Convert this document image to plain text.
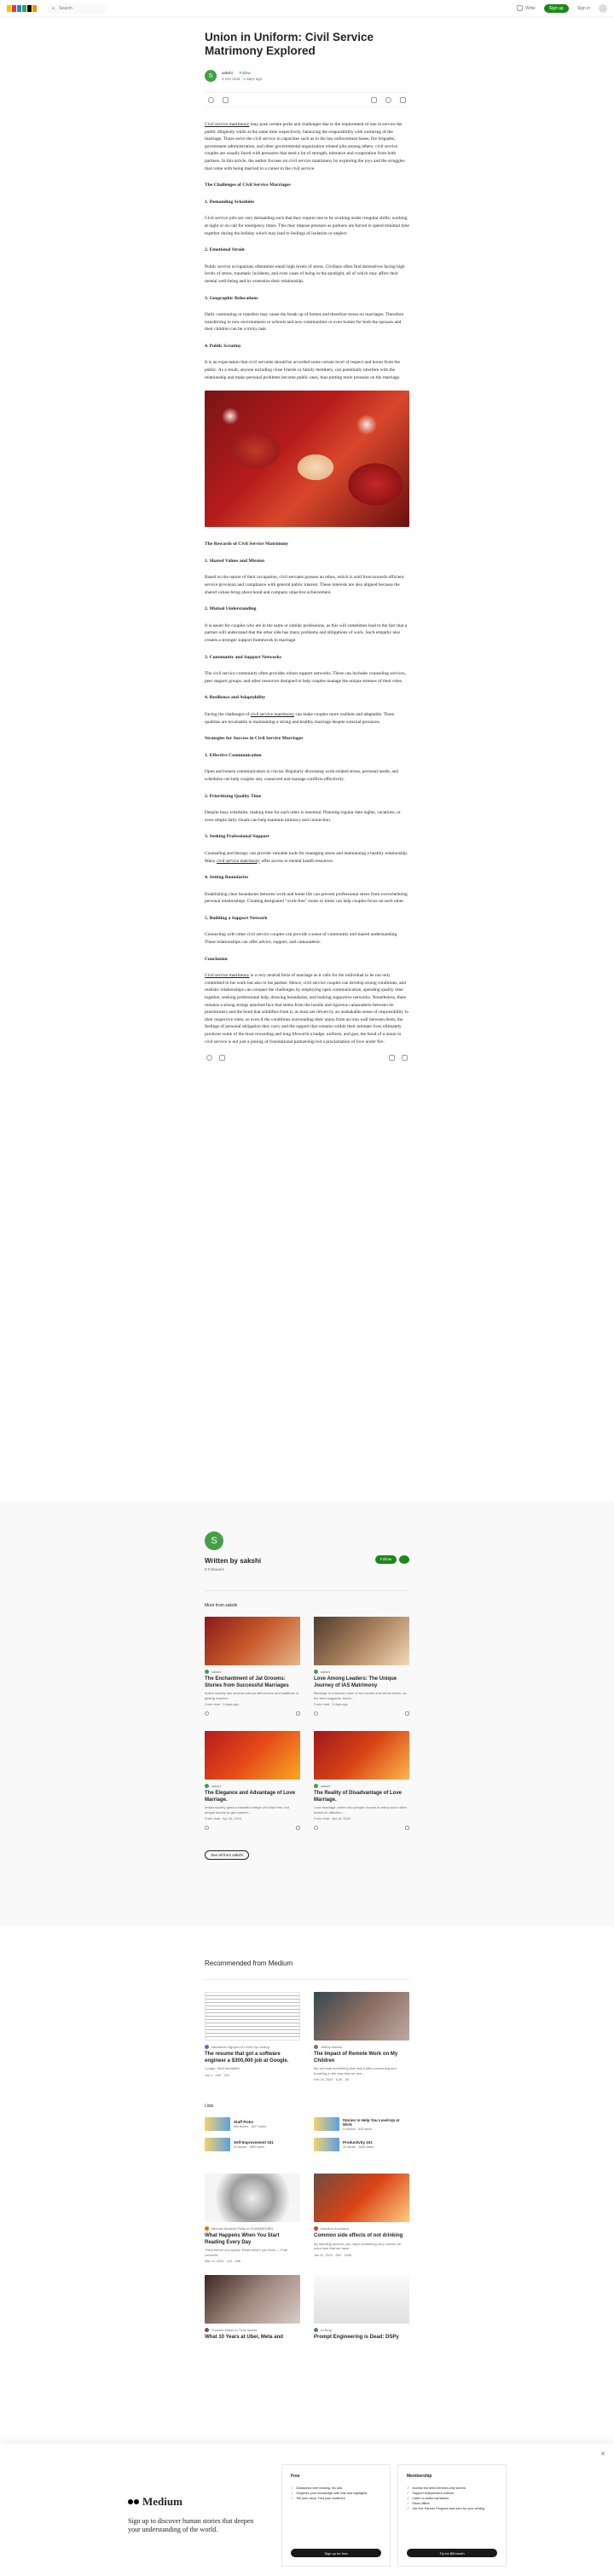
Search
Write	Sign up	Sign in
Union in Uniform: Civil Service Matrimony Explored
S	sakshi · Follow
3 min read · 2 days ago

Civil service matrimony may pose certain perks and challenges due to the requirement of one in service the public diligently while at the same time respectively, balancing the responsibility with nurturing of the marriage. Those serve the civil service in capacities such as in the law enforcement bases, fire brigades, government administration, and other governmental organization related jobs among others; civil service couples are usually faced with pressures that need a lot of strength, tolerance and cooperation from both partners. In this article, the author focuses on civil service matrimony by exploring the joys and the struggles that come with being married to a career in the civil service.

The Challenges of Civil Service Marriages
1. Demanding Schedules

Civil service jobs are very demanding such that they require one to be working under irregular shifts; working at night or on call for emergency times. This may impose pressure as partners are forced to spend minimal time together during the holiday which may lead to feelings of isolation or neglect.

2. Emotional Strain

Public service occupations oftentimes entail high levels of stress. Civilians often find themselves facing high levels of stress, traumatic incidents, and even cases of being in the spotlight, all of which may affect their mental well-being and by extension their relationship.

3. Geographic Relocations

Daily commuting or transfers may cause the break up of homes and therefore stress on marriages. Therefore transferring to new environments or schools and new communities or even homes for both the spouses and their children can be a tricky task.

4. Public Scrutiny

It is an expectation that civil servants should be accorded some certain level of respect and honor from the public. As a result, anyone including close friends or family members, can potentially interfere with the relationship and make personal problems become public ones, thus putting more pressure on the marriage.

The Rewards of Civil Service Matrimony
1. Shared Values and Mission

Based on the nature of their occupation, civil servants possess an ethos, which is sold from towards efficient service provision and compliance with general public interest. These interests are also aligned because the shared values bring about bond and company objective achievement.

2. Mutual Understanding

It is easier for couples who are in the same or similar professions, as this will sometimes lead to the fact that a partner will understand that the other side has many problems and obligations of work. Such empathy also creates a stronger support framework in marriage.

3. Community and Support Networks

The civil service community often provides robust support networks. These can includes counseling services, peer support groups, and other resources designed to help couples manage the unique stresses of their roles.

4. Resilience and Adaptability

Facing the challenges of civil service matrimony can make couples more resilient and adaptable. These qualities are invaluable in maintaining a strong and healthy marriage despite external pressures.

Strategies for Success in Civil Service Marriages
1. Effective Communication

Open and honest communication is crucial. Regularly discussing work-related stress, personal needs, and schedules can help couples stay connected and manage conflicts effectively.

2. Prioritizing Quality Time

Despite busy schedules, making time for each other is essential. Planning regular date nights, vacations, or even simple daily rituals can help maintain intimacy and connection.

3. Seeking Professional Support

Counseling and therapy can provide valuable tools for managing stress and maintaining a healthy relationship. Many civil service matrimony offer access to mental health resources.

4. Setting Boundaries

Establishing clear boundaries between work and home life can prevent professional stress from overwhelming personal relationships. Creating designated "work-free" zones or times can help couples focus on each other.

5. Building a Support Network

Connecting with other civil service couples can provide a sense of community and shared understanding. These relationships can offer advice, support, and camaraderie.

Conclusion

Civil service matrimony is a very neutral form of marriage as it calls for the individual to be not only committed to his work but also to his partner. Hence, civil service couples can develop strong conditions, and realistic relationships can conquer the challenges by employing open communication, spending quality time together, seeking professional help, drawing boundaries, and looking supportive networks. Nonetheless, there remains a strong strings attached face that stems from the hostile and rigorous camaraderie between its practitioners and the bond that solidifies from it, as most are driven by an unshakable sense of responsibility to their respective roles; so even if the conditions surrounding their union form an iron wall between them, the feelings of personal obligation they carry and the rapport that remains within their intimate lives ultimately produces some of the most rewarding and long lifeworth a badge, uniform, and gun, the bond of a union in civil service is not just a joining of foundational partnership but a proclamation of love under fire.

S
Written by sakshi
0 Followers
Follow
More from sakshi
sakshi
The Enchantment of Jat Grooms: Stories from Successful Marriages
Indian society has several cultural differences and traditions of getting married...
3 min read · 3 days ago
sakshi
Love Among Leaders: The Unique Journey of IAS Matrimony
Marriage is a sacred union of two hearts and minds which, as the term suggests, binds...
3 min read · 3 days ago
sakshi
The Elegance and Advantage of Love Marriage.
Indian society gives a beautiful bridge of Indian free, but people decide to get married...
3 min read · Apr 10, 2024
sakshi
The Reality of Disadvantage of Love Marriage.
Love marriage, where two people choose to marry each other based on affection...
3 min read · Apr 10, 2024
See all from sakshi
Recommended from Medium
Alexander Nguyen in Level Up Coding
The resume that got a software engineer a $300,000 job at Google.
1-page. Well-formatted.
Jun 1 · 16K · 310
Jeffrey Bazelo
The Impact of Remote Work on My Children
My son was something that was a little concerning and troubling in the way that we see...
Feb 24, 2024 · 6.5K · 56
Lists
Staff Picks
665 stories · 1027 saves
Stories to Help You Level-Up at Work
19 stories · 643 saves
Self-Improvement 101
20 stories · 1896 saves
Productivity 101
20 stories · 1668 saves
Michael Mulvihill Philip in CHARMEDBIN
What Happens When You Start Reading Every Day
Think before you speak. Read before you think — Fran Lebowitz
Mar 14, 2024 · 11K · 406
Karolina Kozmana
Common side effects of not drinking
By rejecting alcohol, you reject something very human, an extra limb that we have...
Jan 22, 2024 · 31K · 1006
Thomas Walsh in Trust Issues
What 10 Years at Uber, Meta and
AI Blog
Prompt Engineering is Dead: DSPy
✕
Medium
Sign up to discover human stories that deepen your understanding of the world.
Free
✓ Distraction-free reading. No ads.
✓ Organize your knowledge with lists and highlights.
✓ Tell your story. Find your audience.
Sign up for free
Membership
✓ Access the best member-only stories.
✓ Support independent authors.
✓ Listen to audio narrations.
✓ Read offline.
✓ Join the Partner Program and earn for your writing.
Try for $5/month
